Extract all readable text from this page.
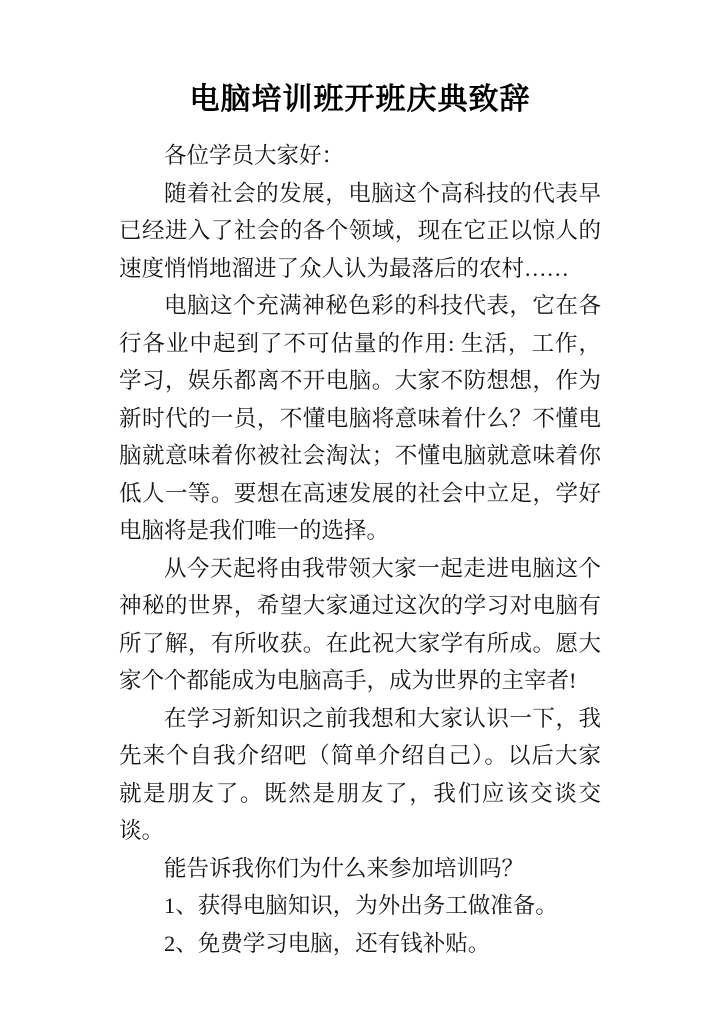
电脑培训班开班庆典致辞

各位学员大家好：

随着社会的发展，电脑这个高科技的代表早已经进入了社会的各个领域，现在它正以惊人的速度悄悄地溜进了众人认为最落后的农村……

电脑这个充满神秘色彩的科技代表，它在各行各业中起到了不可估量的作用: 生活，工作，学习，娱乐都离不开电脑。大家不防想想，作为新时代的一员，不懂电脑将意味着什么？不懂电脑就意味着你被社会淘汰；不懂电脑就意味着你低人一等。要想在高速发展的社会中立足，学好电脑将是我们唯一的选择。

从今天起将由我带领大家一起走进电脑这个神秘的世界，希望大家通过这次的学习对电脑有所了解，有所收获。在此祝大家学有所成。愿大家个个都能成为电脑高手，成为世界的主宰者!

在学习新知识之前我想和大家认识一下，我先来个自我介绍吧（简单介绍自己）。以后大家就是朋友了。既然是朋友了，我们应该交谈交谈。

能告诉我你们为什么来参加培训吗？

1、获得电脑知识，为外出务工做准备。

2、免费学习电脑，还有钱补贴。
